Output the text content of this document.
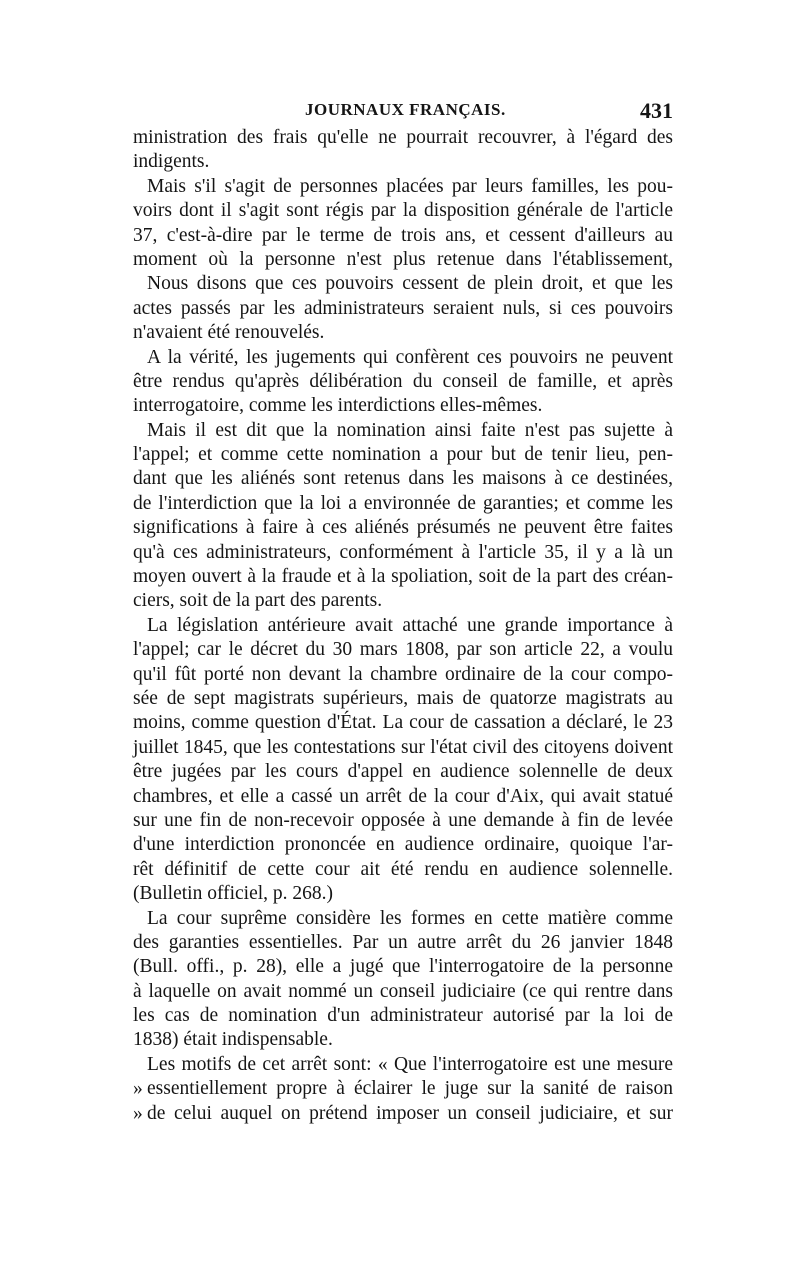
JOURNAUX FRANÇAIS.	431
ministration des frais qu'elle ne pourrait recouvrer, à l'égard des
indigents.
Mais s'il s'agit de personnes placées par leurs familles, les pou-
voirs dont il s'agit sont régis par la disposition générale de l'article
37, c'est-à-dire par le terme de trois ans, et cessent d'ailleurs au
moment où la personne n'est plus retenue dans l'établissement,
Nous disons que ces pouvoirs cessent de plein droit, et que les
actes passés par les administrateurs seraient nuls, si ces pouvoirs
n'avaient été renouvelés.
A la vérité, les jugements qui confèrent ces pouvoirs ne peuvent
être rendus qu'après délibération du conseil de famille, et après
interrogatoire, comme les interdictions elles-mêmes.
Mais il est dit que la nomination ainsi faite n'est pas sujette à
l'appel; et comme cette nomination a pour but de tenir lieu, pen-
dant que les aliénés sont retenus dans les maisons à ce destinées,
de l'interdiction que la loi a environnée de garanties; et comme les
significations à faire à ces aliénés présumés ne peuvent être faites
qu'à ces administrateurs, conformément à l'article 35, il y a là un
moyen ouvert à la fraude et à la spoliation, soit de la part des créan-
ciers, soit de la part des parents.
La législation antérieure avait attaché une grande importance à
l'appel; car le décret du 30 mars 1808, par son article 22, a voulu
qu'il fût porté non devant la chambre ordinaire de la cour compo-
sée de sept magistrats supérieurs, mais de quatorze magistrats au
moins, comme question d'État. La cour de cassation a déclaré, le 23
juillet 1845, que les contestations sur l'état civil des citoyens doivent
être jugées par les cours d'appel en audience solennelle de deux
chambres, et elle a cassé un arrêt de la cour d'Aix, qui avait statué
sur une fin de non-recevoir opposée à une demande à fin de levée
d'une interdiction prononcée en audience ordinaire, quoique l'ar-
rêt définitif de cette cour ait été rendu en audience solennelle.
(Bulletin officiel, p. 268.)
La cour suprême considère les formes en cette matière comme
des garanties essentielles. Par un autre arrêt du 26 janvier 1848
(Bull. offi., p. 28), elle a jugé que l'interrogatoire de la personne
à laquelle on avait nommé un conseil judiciaire (ce qui rentre dans
les cas de nomination d'un administrateur autorisé par la loi de
1838) était indispensable.
Les motifs de cet arrêt sont: « Que l'interrogatoire est une mesure
» essentiellement propre à éclairer le juge sur la sanité de raison
» de celui auquel on prétend imposer un conseil judiciaire, et sur
